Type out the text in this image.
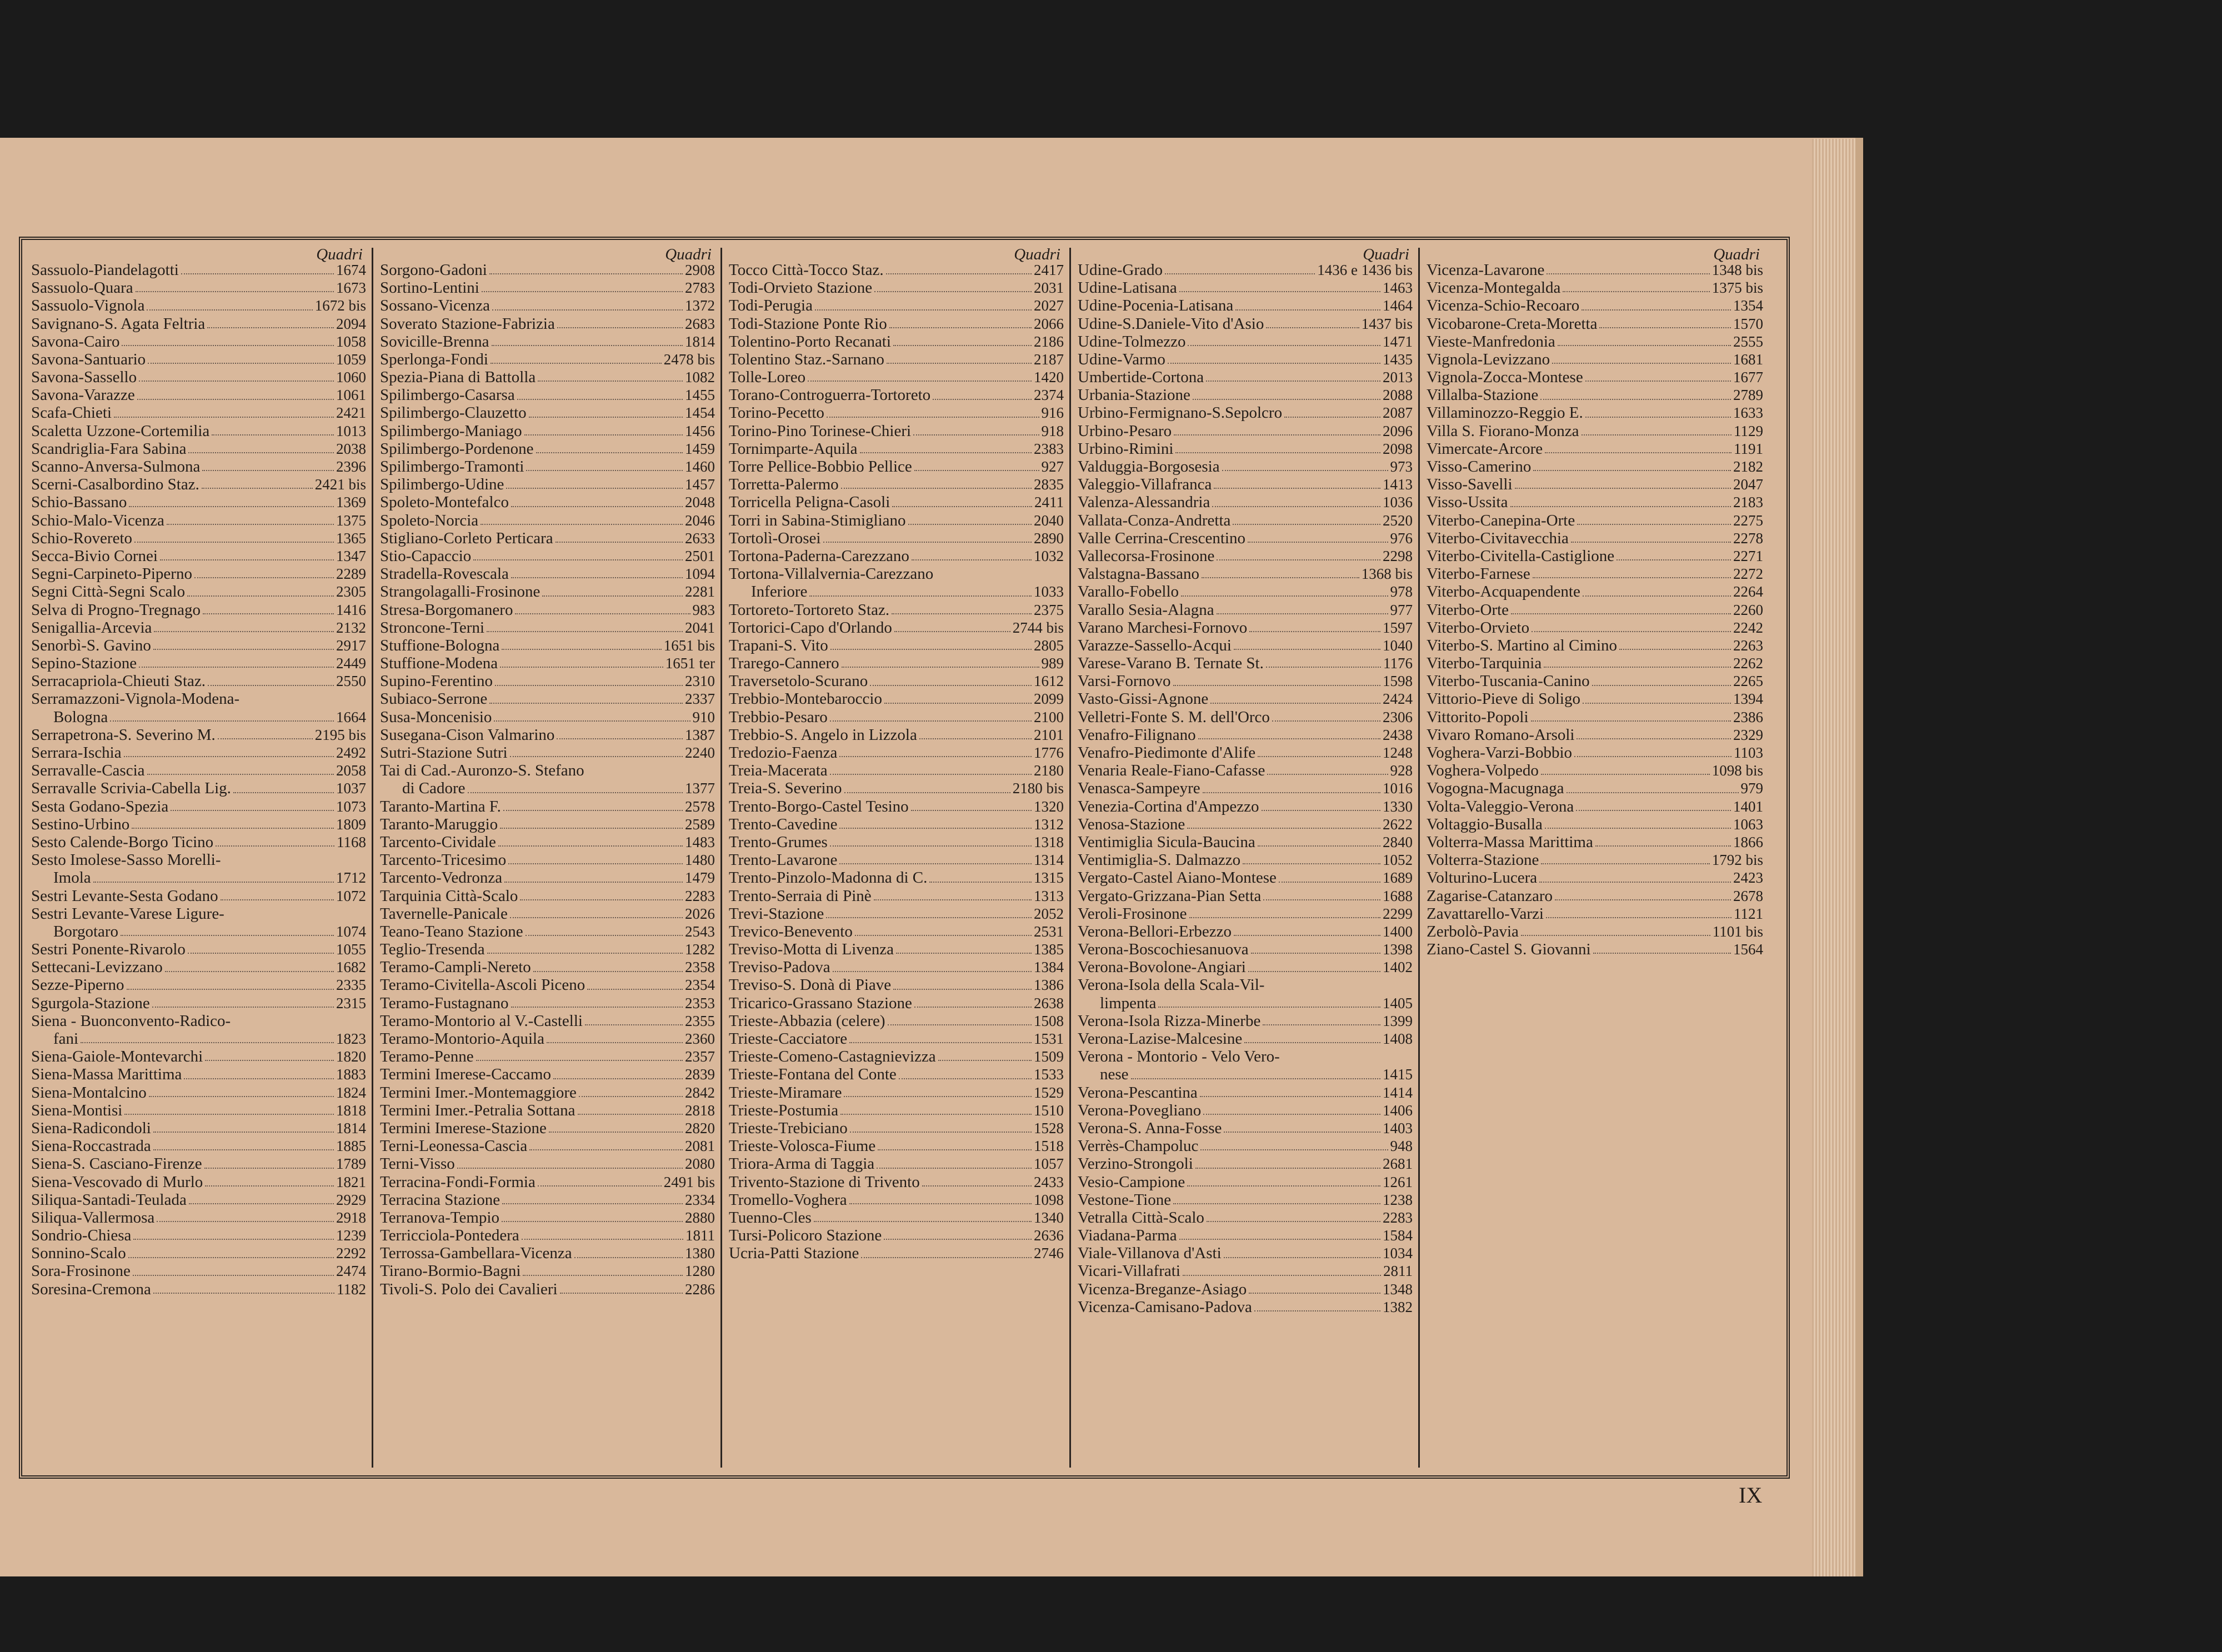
Quadri
Sassuolo-Piandelagotti	1674
Sassuolo-Quara	1673
Sassuolo-Vignola	1672 bis
Savignano-S. Agata Feltria	2094
Savona-Cairo	1058
Savona-Santuario	1059
Savona-Sassello	1060
Savona-Varazze	1061
Scafa-Chieti	2421
Scaletta Uzzone-Cortemilia	1013
Scandriglia-Fara Sabina	2038
Scanno-Anversa-Sulmona	2396
Scerni-Casalbordino Staz.	2421 bis
Schio-Bassano	1369
Schio-Malo-Vicenza	1375
Schio-Rovereto	1365
Secca-Bivio Cornei	1347
Segni-Carpineto-Piperno	2289
Segni Città-Segni Scalo	2305
Selva di Progno-Tregnago	1416
Senigallia-Arcevia	2132
Senorbì-S. Gavino	2917
Sepino-Stazione	2449
Serracapriola-Chieuti Staz.	2550
Serramazzoni-Vignola-Modena-
Bologna	1664
Serrapetrona-S. Severino M.	2195 bis
Serrara-Ischia	2492
Serravalle-Cascia	2058
Serravalle Scrivia-Cabella Lig.	1037
Sesta Godano-Spezia	1073
Sestino-Urbino	1809
Sesto Calende-Borgo Ticino	1168
Sesto Imolese-Sasso Morelli-
Imola	1712
Sestri Levante-Sesta Godano	1072
Sestri Levante-Varese Ligure-
Borgotaro	1074
Sestri Ponente-Rivarolo	1055
Settecani-Levizzano	1682
Sezze-Piperno	2335
Sgurgola-Stazione	2315
Siena - Buonconvento-Radico-
fani	1823
Siena-Gaiole-Montevarchi	1820
Siena-Massa Marittima	1883
Siena-Montalcino	1824
Siena-Montisi	1818
Siena-Radicondoli	1814
Siena-Roccastrada	1885
Siena-S. Casciano-Firenze	1789
Siena-Vescovado di Murlo	1821
Siliqua-Santadi-Teulada	2929
Siliqua-Vallermosa	2918
Sondrio-Chiesa	1239
Sonnino-Scalo	2292
Sora-Frosinone	2474
Soresina-Cremona	1182
Quadri
Sorgono-Gadoni	2908
Sortino-Lentini	2783
Sossano-Vicenza	1372
Soverato Stazione-Fabrizia	2683
Sovicille-Brenna	1814
Sperlonga-Fondi	2478 bis
Spezia-Piana di Battolla	1082
Spilimbergo-Casarsa	1455
Spilimbergo-Clauzetto	1454
Spilimbergo-Maniago	1456
Spilimbergo-Pordenone	1459
Spilimbergo-Tramonti	1460
Spilimbergo-Udine	1457
Spoleto-Montefalco	2048
Spoleto-Norcia	2046
Stigliano-Corleto Perticara	2633
Stio-Capaccio	2501
Stradella-Rovescala	1094
Strangolagalli-Frosinone	2281
Stresa-Borgomanero	983
Stroncone-Terni	2041
Stuffione-Bologna	1651 bis
Stuffione-Modena	1651 ter
Supino-Ferentino	2310
Subiaco-Serrone	2337
Susa-Moncenisio	910
Susegana-Cison Valmarino	1387
Sutri-Stazione Sutri	2240
Tai di Cad.-Auronzo-S. Stefano
di Cadore	1377
Taranto-Martina F.	2578
Taranto-Maruggio	2589
Tarcento-Cividale	1483
Tarcento-Tricesimo	1480
Tarcento-Vedronza	1479
Tarquinia Città-Scalo	2283
Tavernelle-Panicale	2026
Teano-Teano Stazione	2543
Teglio-Tresenda	1282
Teramo-Campli-Nereto	2358
Teramo-Civitella-Ascoli Piceno	2354
Teramo-Fustagnano	2353
Teramo-Montorio al V.-Castelli	2355
Teramo-Montorio-Aquila	2360
Teramo-Penne	2357
Termini Imerese-Caccamo	2839
Termini Imer.-Montemaggiore	2842
Termini Imer.-Petralia Sottana	2818
Termini Imerese-Stazione	2820
Terni-Leonessa-Cascia	2081
Terni-Visso	2080
Terracina-Fondi-Formia	2491 bis
Terracina Stazione	2334
Terranova-Tempio	2880
Terricciola-Pontedera	1811
Terrossa-Gambellara-Vicenza	1380
Tirano-Bormio-Bagni	1280
Tivoli-S. Polo dei Cavalieri	2286
Quadri
Tocco Città-Tocco Staz.	2417
Todi-Orvieto Stazione	2031
Todi-Perugia	2027
Todi-Stazione Ponte Rio	2066
Tolentino-Porto Recanati	2186
Tolentino Staz.-Sarnano	2187
Tolle-Loreo	1420
Torano-Controguerra-Tortoreto	2374
Torino-Pecetto	916
Torino-Pino Torinese-Chieri	918
Tornimparte-Aquila	2383
Torre Pellice-Bobbio Pellice	927
Torretta-Palermo	2835
Torricella Peligna-Casoli	2411
Torri in Sabina-Stimigliano	2040
Tortolì-Orosei	2890
Tortona-Paderna-Carezzano	1032
Tortona-Villalvernia-Carezzano
Inferiore	1033
Tortoreto-Tortoreto Staz.	2375
Tortorici-Capo d'Orlando	2744 bis
Trapani-S. Vito	2805
Trarego-Cannero	989
Traversetolo-Scurano	1612
Trebbio-Montebaroccio	2099
Trebbio-Pesaro	2100
Trebbio-S. Angelo in Lizzola	2101
Tredozio-Faenza	1776
Treia-Macerata	2180
Treia-S. Severino	2180 bis
Trento-Borgo-Castel Tesino	1320
Trento-Cavedine	1312
Trento-Grumes	1318
Trento-Lavarone	1314
Trento-Pinzolo-Madonna di C.	1315
Trento-Serraia di Pinè	1313
Trevi-Stazione	2052
Trevico-Benevento	2531
Treviso-Motta di Livenza	1385
Treviso-Padova	1384
Treviso-S. Donà di Piave	1386
Tricarico-Grassano Stazione	2638
Trieste-Abbazia (celere)	1508
Trieste-Cacciatore	1531
Trieste-Comeno-Castagnievizza	1509
Trieste-Fontana del Conte	1533
Trieste-Miramare	1529
Trieste-Postumia	1510
Trieste-Trebiciano	1528
Trieste-Volosca-Fiume	1518
Triora-Arma di Taggia	1057
Trivento-Stazione di Trivento	2433
Tromello-Voghera	1098
Tuenno-Cles	1340
Tursi-Policoro Stazione	2636
Ucria-Patti Stazione	2746
Quadri
Udine-Grado	1436 e 1436 bis
Udine-Latisana	1463
Udine-Pocenia-Latisana	1464
Udine-S.Daniele-Vito d'Asio	1437 bis
Udine-Tolmezzo	1471
Udine-Varmo	1435
Umbertide-Cortona	2013
Urbania-Stazione	2088
Urbino-Fermignano-S.Sepolcro	2087
Urbino-Pesaro	2096
Urbino-Rimini	2098
Valduggia-Borgosesia	973
Valeggio-Villafranca	1413
Valenza-Alessandria	1036
Vallata-Conza-Andretta	2520
Valle Cerrina-Crescentino	976
Vallecorsa-Frosinone	2298
Valstagna-Bassano	1368 bis
Varallo-Fobello	978
Varallo Sesia-Alagna	977
Varano Marchesi-Fornovo	1597
Varazze-Sassello-Acqui	1040
Varese-Varano B. Ternate St.	1176
Varsi-Fornovo	1598
Vasto-Gissi-Agnone	2424
Velletri-Fonte S. M. dell'Orco	2306
Venafro-Filignano	2438
Venafro-Piedimonte d'Alife	1248
Venaria Reale-Fiano-Cafasse	928
Venasca-Sampeyre	1016
Venezia-Cortina d'Ampezzo	1330
Venosa-Stazione	2622
Ventimiglia Sicula-Baucina	2840
Ventimiglia-S. Dalmazzo	1052
Vergato-Castel Aiano-Montese	1689
Vergato-Grizzana-Pian Setta	1688
Veroli-Frosinone	2299
Verona-Bellori-Erbezzo	1400
Verona-Boscochiesanuova	1398
Verona-Bovolone-Angiari	1402
Verona-Isola della Scala-Vil-
limpenta	1405
Verona-Isola Rizza-Minerbe	1399
Verona-Lazise-Malcesine	1408
Verona - Montorio - Velo Vero-
nese	1415
Verona-Pescantina	1414
Verona-Povegliano	1406
Verona-S. Anna-Fosse	1403
Verrès-Champoluc	948
Verzino-Strongoli	2681
Vesio-Campione	1261
Vestone-Tione	1238
Vetralla Città-Scalo	2283
Viadana-Parma	1584
Viale-Villanova d'Asti	1034
Vicari-Villafrati	2811
Vicenza-Breganze-Asiago	1348
Vicenza-Camisano-Padova	1382
Quadri
Vicenza-Lavarone	1348 bis
Vicenza-Montegalda	1375 bis
Vicenza-Schio-Recoaro	1354
Vicobarone-Creta-Moretta	1570
Vieste-Manfredonia	2555
Vignola-Levizzano	1681
Vignola-Zocca-Montese	1677
Villalba-Stazione	2789
Villaminozzo-Reggio E.	1633
Villa S. Fiorano-Monza	1129
Vimercate-Arcore	1191
Visso-Camerino	2182
Visso-Savelli	2047
Visso-Ussita	2183
Viterbo-Canepina-Orte	2275
Viterbo-Civitavecchia	2278
Viterbo-Civitella-Castiglione	2271
Viterbo-Farnese	2272
Viterbo-Acquapendente	2264
Viterbo-Orte	2260
Viterbo-Orvieto	2242
Viterbo-S. Martino al Cimino	2263
Viterbo-Tarquinia	2262
Viterbo-Tuscania-Canino	2265
Vittorio-Pieve di Soligo	1394
Vittorito-Popoli	2386
Vivaro Romano-Arsoli	2329
Voghera-Varzi-Bobbio	1103
Voghera-Volpedo	1098 bis
Vogogna-Macugnaga	979
Volta-Valeggio-Verona	1401
Voltaggio-Busalla	1063
Volterra-Massa Marittima	1866
Volterra-Stazione	1792 bis
Volturino-Lucera	2423
Zagarise-Catanzaro	2678
Zavattarello-Varzi	1121
Zerbolò-Pavia	1101 bis
Ziano-Castel S. Giovanni	1564
IX
